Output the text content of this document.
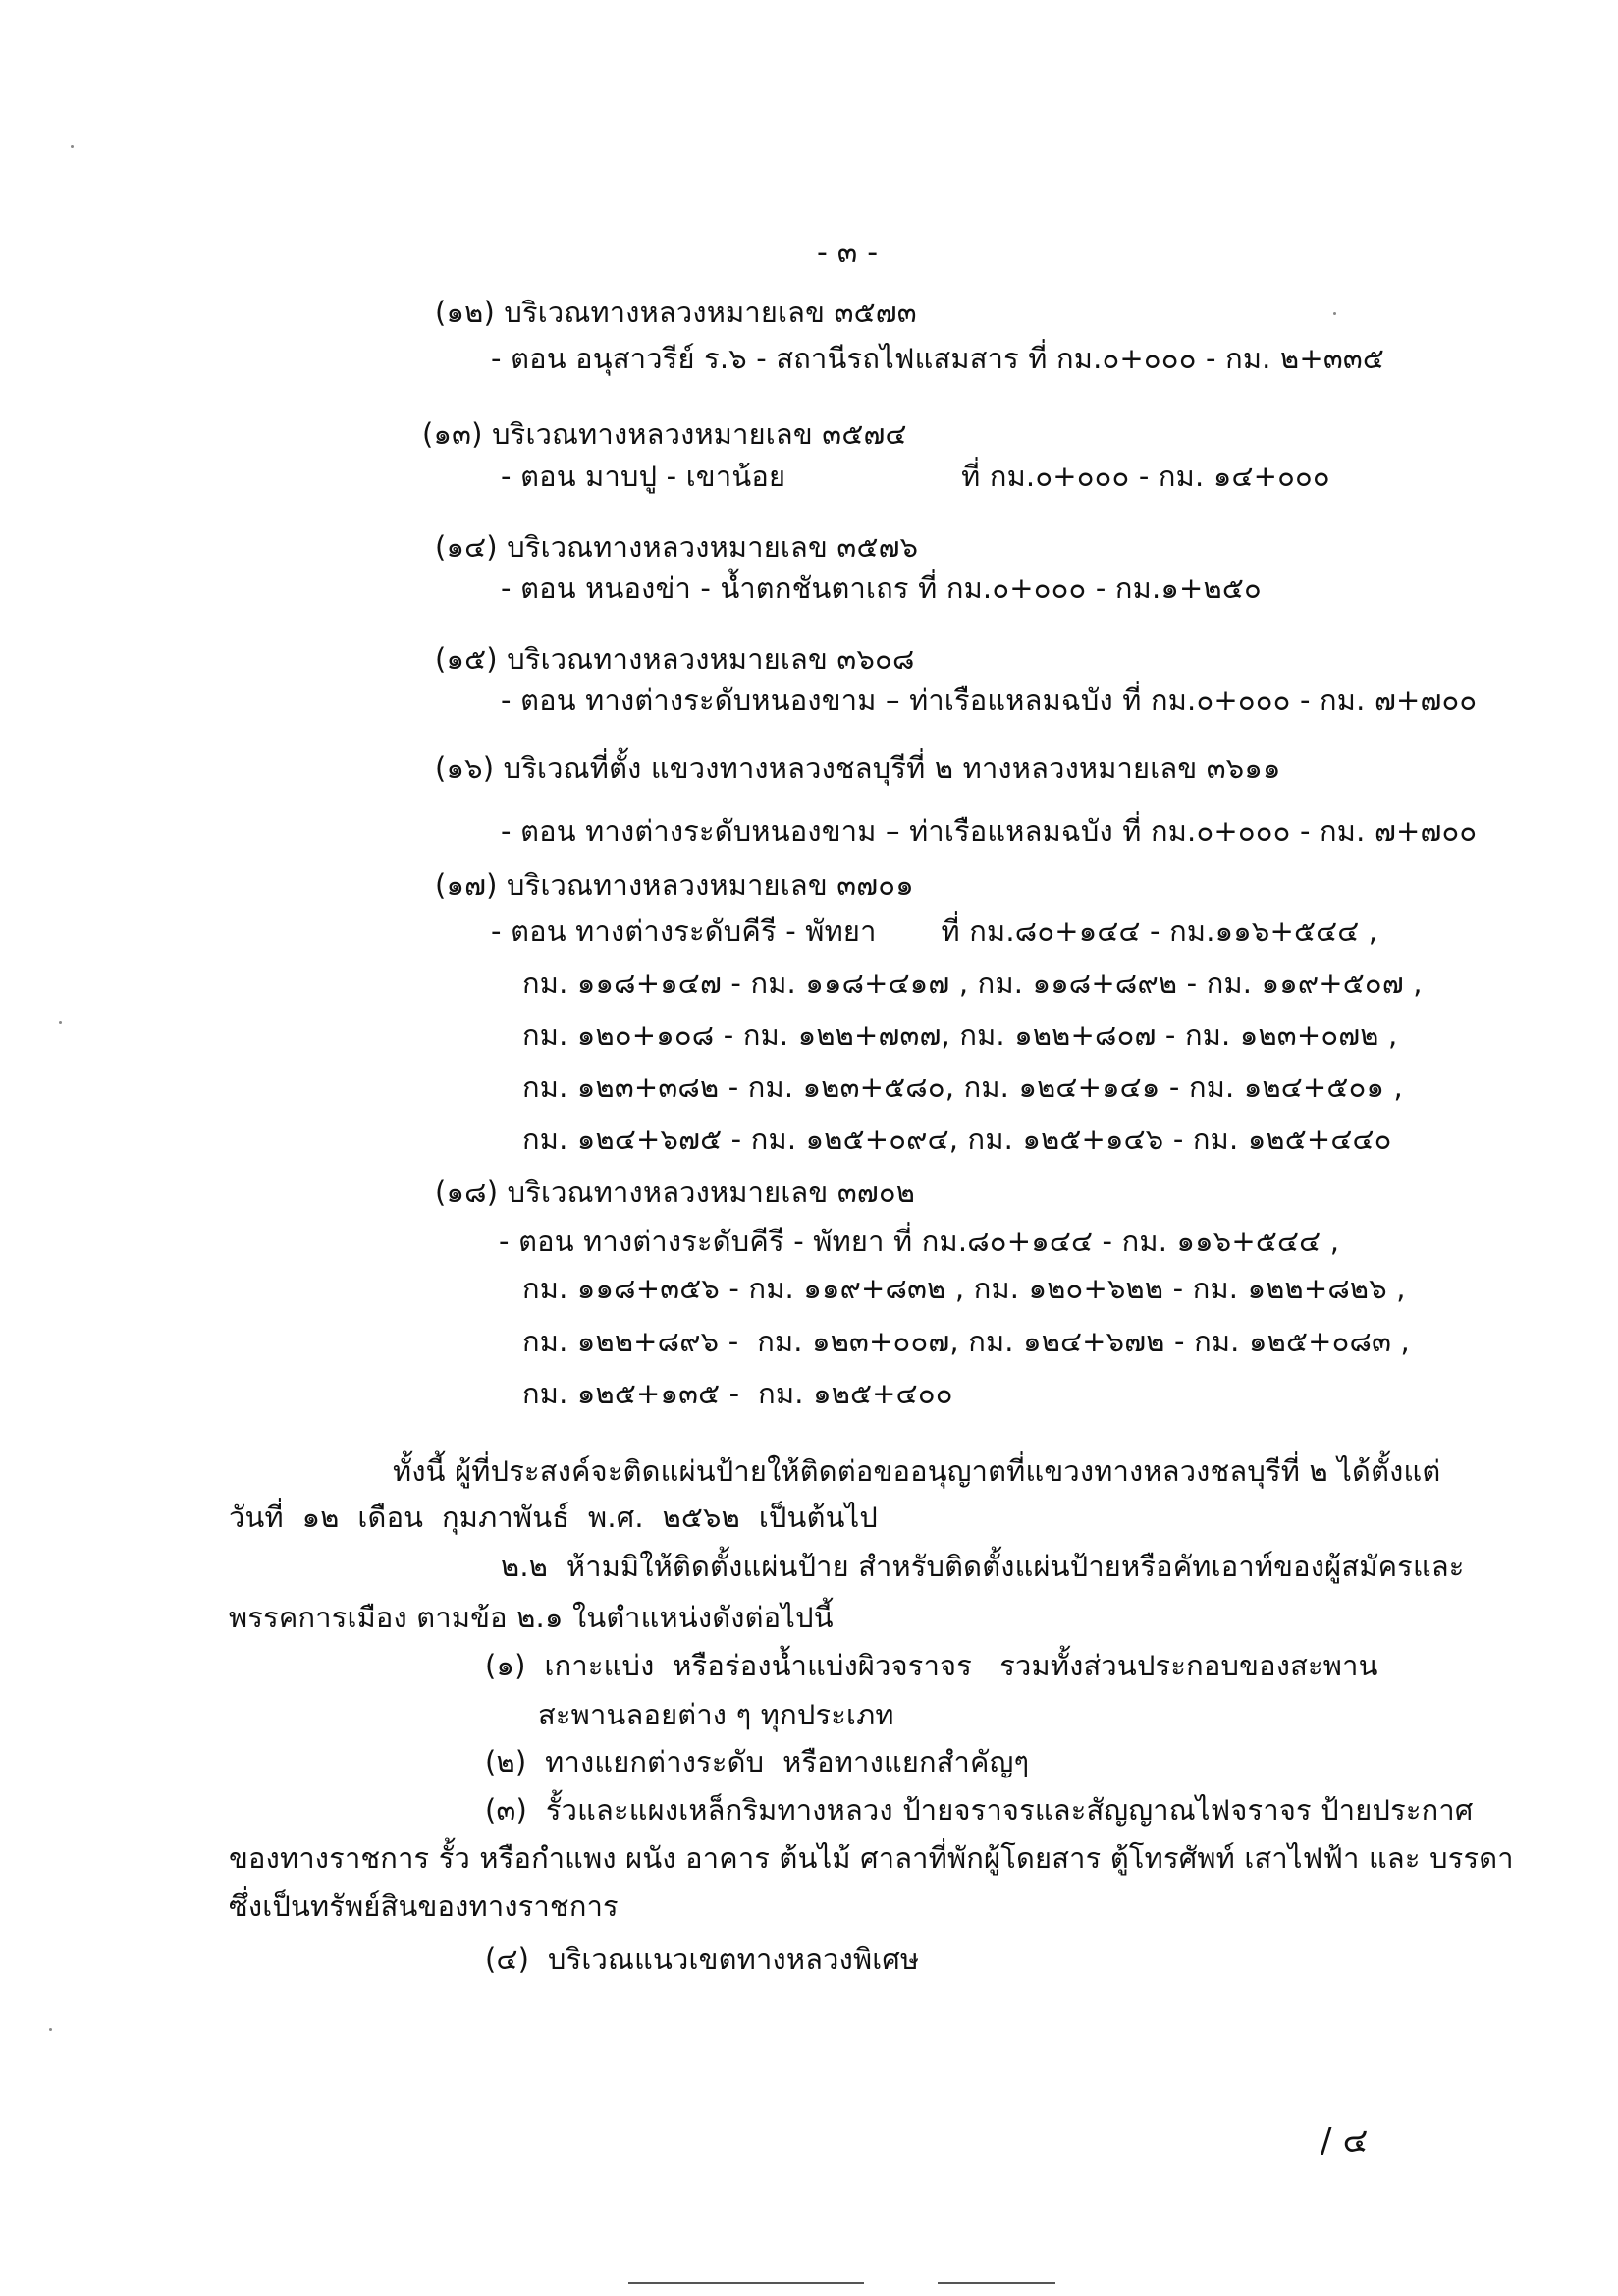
- ๓ -
(๑๒) บริเวณทางหลวงหมายเลข ๓๕๗๓
- ตอน อนุสาวรีย์ ร.๖ - สถานีรถไฟแสมสาร ที่ กม.๐+๐๐๐ - กม. ๒+๓๓๕
(๑๓) บริเวณทางหลวงหมายเลข ๓๕๗๔
- ตอน มาบปู - เขาน้อย                   ที่ กม.๐+๐๐๐ - กม. ๑๔+๐๐๐
(๑๔) บริเวณทางหลวงหมายเลข ๓๕๗๖
- ตอน หนองข่า - น้ำตกชันตาเถร ที่ กม.๐+๐๐๐ - กม.๑+๒๕๐
(๑๕) บริเวณทางหลวงหมายเลข ๓๖๐๘
- ตอน ทางต่างระดับหนองขาม – ท่าเรือแหลมฉบัง ที่ กม.๐+๐๐๐ - กม. ๗+๗๐๐
(๑๖) บริเวณที่ตั้ง แขวงทางหลวงชลบุรีที่ ๒ ทางหลวงหมายเลข ๓๖๑๑
- ตอน ทางต่างระดับหนองขาม – ท่าเรือแหลมฉบัง ที่ กม.๐+๐๐๐ - กม. ๗+๗๐๐
(๑๗) บริเวณทางหลวงหมายเลข ๓๗๐๑
- ตอน ทางต่างระดับคีรี - พัทยา       ที่ กม.๘๐+๑๔๔ - กม.๑๑๖+๕๔๔ ,
กม. ๑๑๘+๑๔๗ - กม. ๑๑๘+๔๑๗ , กม. ๑๑๘+๘๙๒ - กม. ๑๑๙+๕๐๗ ,
กม. ๑๒๐+๑๐๘ - กม. ๑๒๒+๗๓๗, กม. ๑๒๒+๘๐๗ - กม. ๑๒๓+๐๗๒ ,
กม. ๑๒๓+๓๘๒ - กม. ๑๒๓+๕๘๐, กม. ๑๒๔+๑๔๑ - กม. ๑๒๔+๕๐๑ ,
กม. ๑๒๔+๖๗๕ - กม. ๑๒๕+๐๙๔, กม. ๑๒๕+๑๔๖ - กม. ๑๒๕+๔๔๐
(๑๘) บริเวณทางหลวงหมายเลข ๓๗๐๒
- ตอน ทางต่างระดับคีรี - พัทยา ที่ กม.๘๐+๑๔๔ - กม. ๑๑๖+๕๔๔ ,
กม. ๑๑๘+๓๕๖ - กม. ๑๑๙+๘๓๒ , กม. ๑๒๐+๖๒๒ - กม. ๑๒๒+๘๒๖ ,
กม. ๑๒๒+๘๙๖ -  กม. ๑๒๓+๐๐๗, กม. ๑๒๔+๖๗๒ - กม. ๑๒๕+๐๘๓ ,
กม. ๑๒๕+๑๓๕ -  กม. ๑๒๕+๔๐๐
ทั้งนี้ ผู้ที่ประสงค์จะติดแผ่นป้ายให้ติดต่อขออนุญาตที่แขวงทางหลวงชลบุรีที่ ๒ ได้ตั้งแต่
วันที่  ๑๒  เดือน  กุมภาพันธ์  พ.ศ.  ๒๕๖๒  เป็นต้นไป
๒.๒  ห้ามมิให้ติดตั้งแผ่นป้าย สำหรับติดตั้งแผ่นป้ายหรือคัทเอาท์ของผู้สมัครและ
พรรคการเมือง ตามข้อ ๒.๑ ในตำแหน่งดังต่อไปนี้
(๑)  เกาะแบ่ง  หรือร่องน้ำแบ่งผิวจราจร   รวมทั้งส่วนประกอบของสะพาน
สะพานลอยต่าง ๆ ทุกประเภท
(๒)  ทางแยกต่างระดับ  หรือทางแยกสำคัญๆ
(๓)  รั้วและแผงเหล็กริมทางหลวง ป้ายจราจรและสัญญาณไฟจราจร ป้ายประกาศ
ของทางราชการ รั้ว หรือกำแพง ผนัง อาคาร ต้นไม้ ศาลาที่พักผู้โดยสาร ตู้โทรศัพท์ เสาไฟฟ้า และ บรรดา
ซึ่งเป็นทรัพย์สินของทางราชการ
(๔)  บริเวณแนวเขตทางหลวงพิเศษ
/ ๔
